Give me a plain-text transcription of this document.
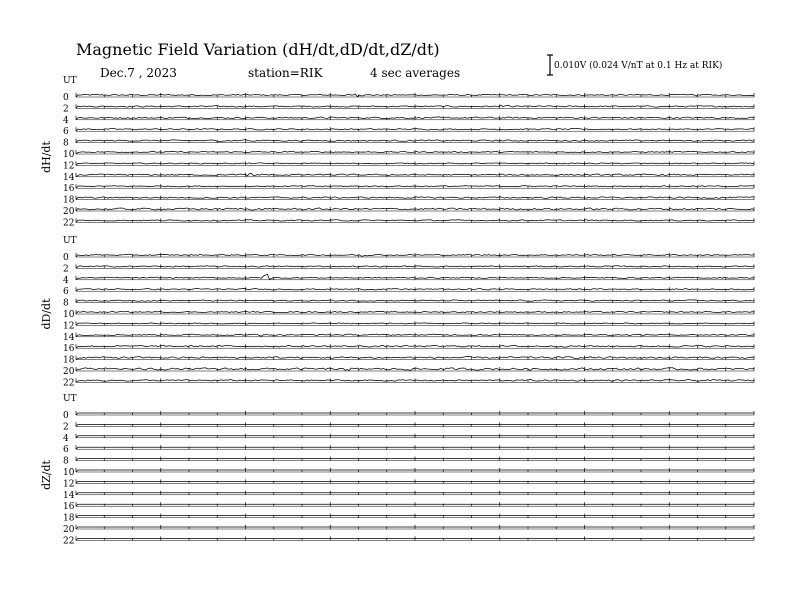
Magnetic Field Variation (dH/dt,dD/dt,dZ/dt)
Dec.7 , 2023	station=RIK	4 sec averages	0.010V (0.024 V/nT at 0.1 Hz at RIK)
UT
dH/dt
0
2
4
6
8
10
12
14
16
18
20
22
UT
dD/dt
0
2
4
6
8
10
12
14
16
18
20
22
UT
dZ/dt
0
2
4
6
8
10
12
14
16
18
20
22
